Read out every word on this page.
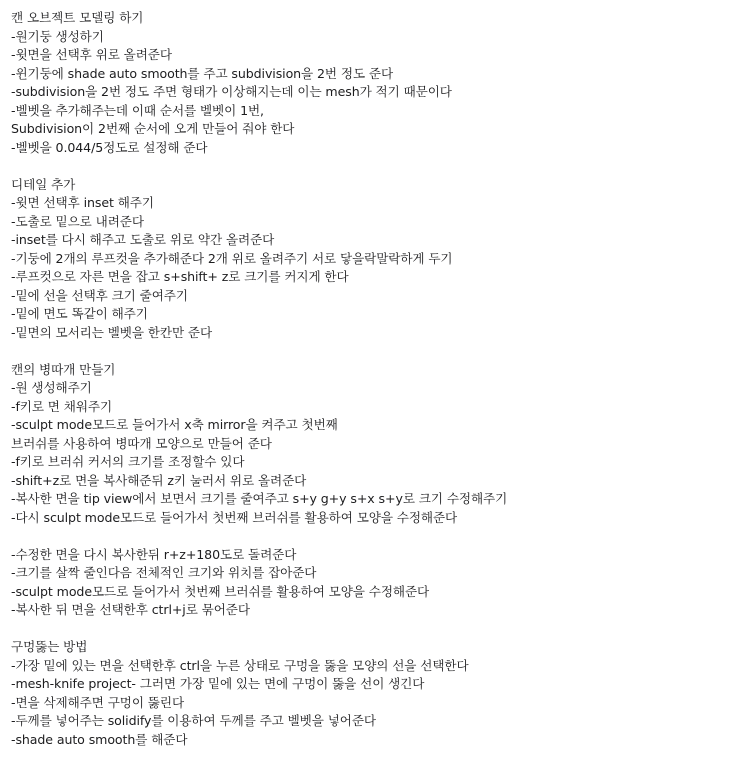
캔 오브젝트 모델링 하기
-원기둥 생성하기
-윗면을 선택후 위로 올려준다
-윈기둥에 shade auto smooth를 주고 subdivision을 2번 정도 준다
-subdivision을 2번 정도 주면 형태가 이상해지는데 이는 mesh가 적기 때문이다
-벨벳을 추가해주는데 이때 순서를 벨벳이 1번,
Subdivision이 2번째 순서에 오게 만들어 줘야 한다
-벨벳을 0.044/5정도로 설정해 준다
디테일 추가
-윗면 선택후 inset 해주기
-도출로 밑으로 내려준다
-inset를 다시 해주고 도출로 위로 약간 올려준다
-기둥에 2개의 루프컷을 추가해준다 2개 위로 올려주기 서로 닿을락말락하게 두기
-루프컷으로 자른 면을 잡고 s+shift+ z로 크기를 커지게 한다
-밑에 선을 선택후 크기 줄여주기
-밑에 면도 똑같이 해주기
-밑면의 모서리는 벨벳을 한칸만 준다
캔의 병따개 만들기
-원 생성해주기
-f키로 면 채워주기
-sculpt mode모드로 들어가서 x축 mirror을 켜주고 첫번째
브러쉬를 사용하여 병따개 모양으로 만들어 준다
-f키로 브러쉬 커서의 크기를 조정할수 있다
-shift+z로 면을 복사해준뒤 z키 눌러서 위로 올려준다
-복사한 면을 tip view에서 보면서 크기를 줄여주고 s+y g+y s+x s+y로 크기 수정해주기
-다시 sculpt mode모드로 들어가서 첫번째 브러쉬를 활용하여 모양을 수정해준다
-수정한 면을 다시 복사한뒤 r+z+180도로 돌려준다
-크기를 살짝 줄인다음 전체적인 크기와 위치를 잡아준다
-sculpt mode모드로 들어가서 첫번째 브러쉬를 활용하여 모양을 수정해준다
-복사한 뒤 면을 선택한후 ctrl+j로 묶어준다
구멍뚫는 방법
-가장 밑에 있는 면을 선택한후 ctrl을 누른 상태로 구멍을 뚫을 모양의 선을 선택한다
-mesh-knife project- 그러면 가장 밑에 있는 면에 구멍이 뚫을 선이 생긴다
-면을 삭제해주면 구멍이 뚫린다
-두께를 넣어주는 solidify를 이용하여 두께를 주고 벨벳을 넣어준다
-shade auto smooth를 해준다
